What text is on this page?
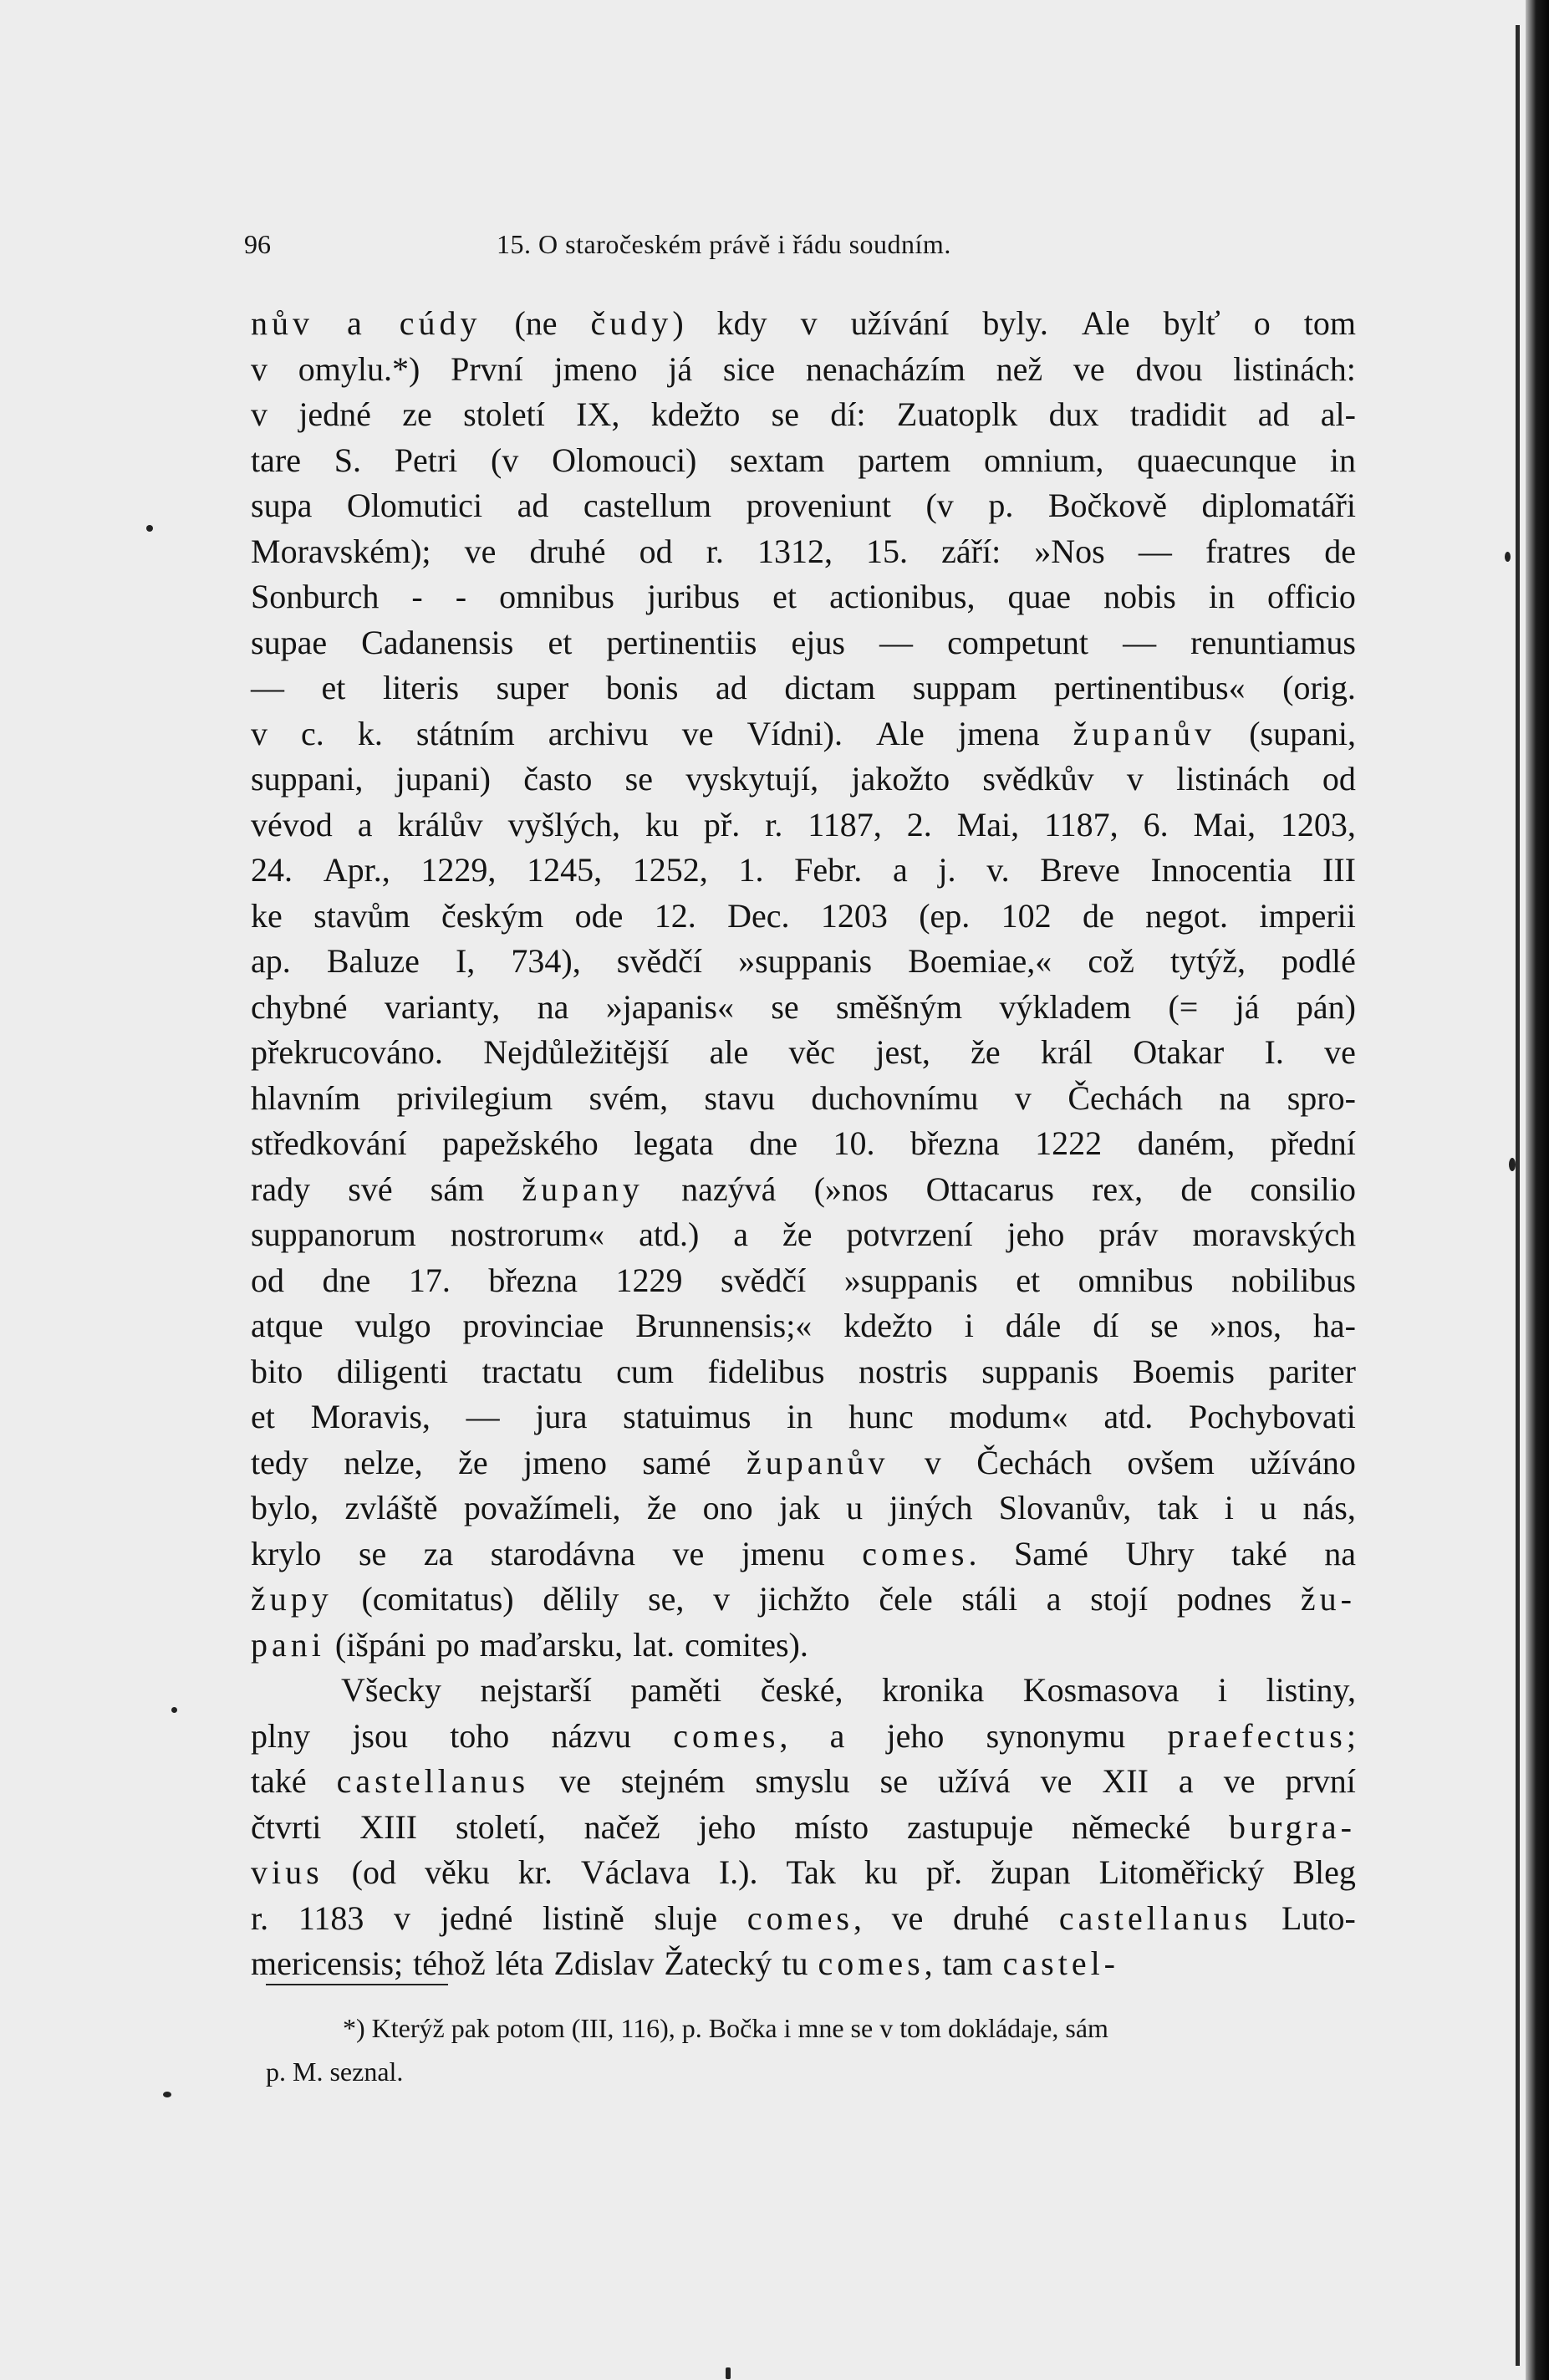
96	15. O staročeském právě i řádu soudním.
nův a cúdy (ne čudy) kdy v užívání byly. Ale bylť o tom
v omylu.*) První jmeno já sice nenacházím než ve dvou listinách:
v jedné ze století IX, kdežto se dí: Zuatoplk dux tradidit ad al-
tare S. Petri (v Olomouci) sextam partem omnium, quaecunque in
supa Olomutici ad castellum proveniunt (v p. Bočkově diplomatáři
Moravském); ve druhé od r. 1312, 15. září: »Nos — fratres de
Sonburch - - omnibus juribus et actionibus, quae nobis in officio
supae Cadanensis et pertinentiis ejus — competunt — renuntiamus
— et literis super bonis ad dictam suppam pertinentibus« (orig.
v c. k. státním archivu ve Vídni). Ale jmena županův (supani,
suppani, jupani) často se vyskytují, jakožto svědkův v listinách od
vévod a králův vyšlých, ku př. r. 1187, 2. Mai, 1187, 6. Mai, 1203,
24. Apr., 1229, 1245, 1252, 1. Febr. a j. v. Breve Innocentia III
ke stavům českým ode 12. Dec. 1203 (ep. 102 de negot. imperii
ap. Baluze I, 734), svědčí »suppanis Boemiae,« což tytýž, podlé
chybné varianty, na »japanis« se směšným výkladem (= já pán)
překrucováno. Nejdůležitější ale věc jest, že král Otakar I. ve
hlavním privilegium svém, stavu duchovnímu v Čechách na spro-
středkování papežského legata dne 10. března 1222 daném, přední
rady své sám župany nazývá (»nos Ottacarus rex, de consilio
suppanorum nostrorum« atd.) a že potvrzení jeho práv moravských
od dne 17. března 1229 svědčí »suppanis et omnibus nobilibus
atque vulgo provinciae Brunnensis;« kdežto i dále dí se »nos, ha-
bito diligenti tractatu cum fidelibus nostris suppanis Boemis pariter
et Moravis, — jura statuimus in hunc modum« atd. Pochybovati
tedy nelze, že jmeno samé županův v Čechách ovšem užíváno
bylo, zvláště považímeli, že ono jak u jiných Slovanův, tak i u nás,
krylo se za starodávna ve jmenu comes. Samé Uhry také na
župy (comitatus) dělily se, v jichžto čele stáli a stojí podnes žu-
pani (išpáni po maďarsku, lat. comites).
Všecky nejstarší paměti české, kronika Kosmasova i listiny,
plny jsou toho názvu comes, a jeho synonymu praefectus;
také castellanus ve stejném smyslu se užívá ve XII a ve první
čtvrti XIII století, načež jeho místo zastupuje německé burgra-
vius (od věku kr. Václava I.). Tak ku př. župan Litoměřický Bleg
r. 1183 v jedné listině sluje comes, ve druhé castellanus Luto-
mericensis; téhož léta Zdislav Žatecký tu comes, tam castel-
*) Kterýž pak potom (III, 116), p. Bočka i mne se v tom dokládaje, sám
p. M. seznal.
